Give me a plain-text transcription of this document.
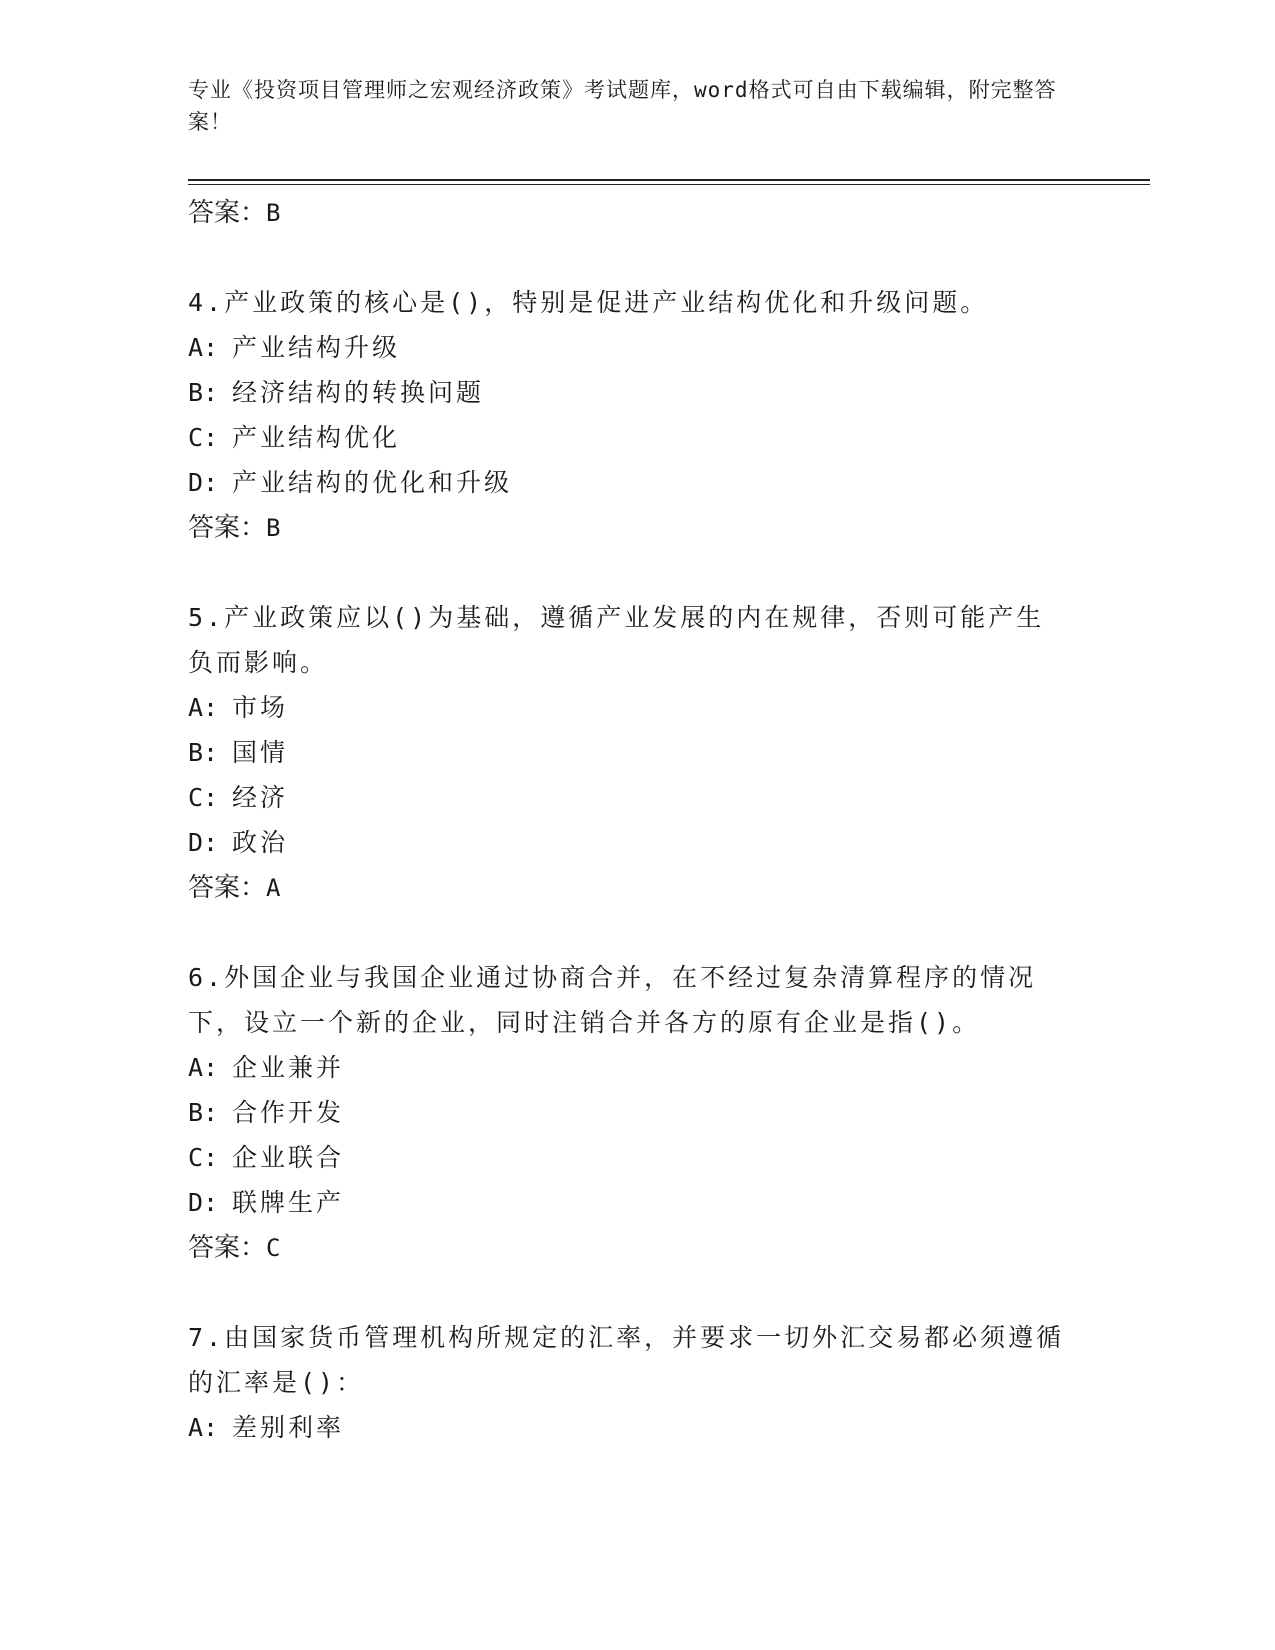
专业《投资项目管理师之宏观经济政策》考试题库，word格式可自由下载编辑，附完整答案！
答案：B
4.产业政策的核心是()，特别是促进产业结构优化和升级问题。
A: 产业结构升级
B: 经济结构的转换问题
C: 产业结构优化
D: 产业结构的优化和升级
答案：B
5.产业政策应以()为基础，遵循产业发展的内在规律，否则可能产生负而影响。
A: 市场
B: 国情
C: 经济
D: 政治
答案：A
6.外国企业与我国企业通过协商合并，在不经过复杂清算程序的情况下，设立一个新的企业，同时注销合并各方的原有企业是指()。
A: 企业兼并
B: 合作开发
C: 企业联合
D: 联牌生产
答案：C
7.由国家货币管理机构所规定的汇率，并要求一切外汇交易都必须遵循的汇率是()：
A: 差别利率
